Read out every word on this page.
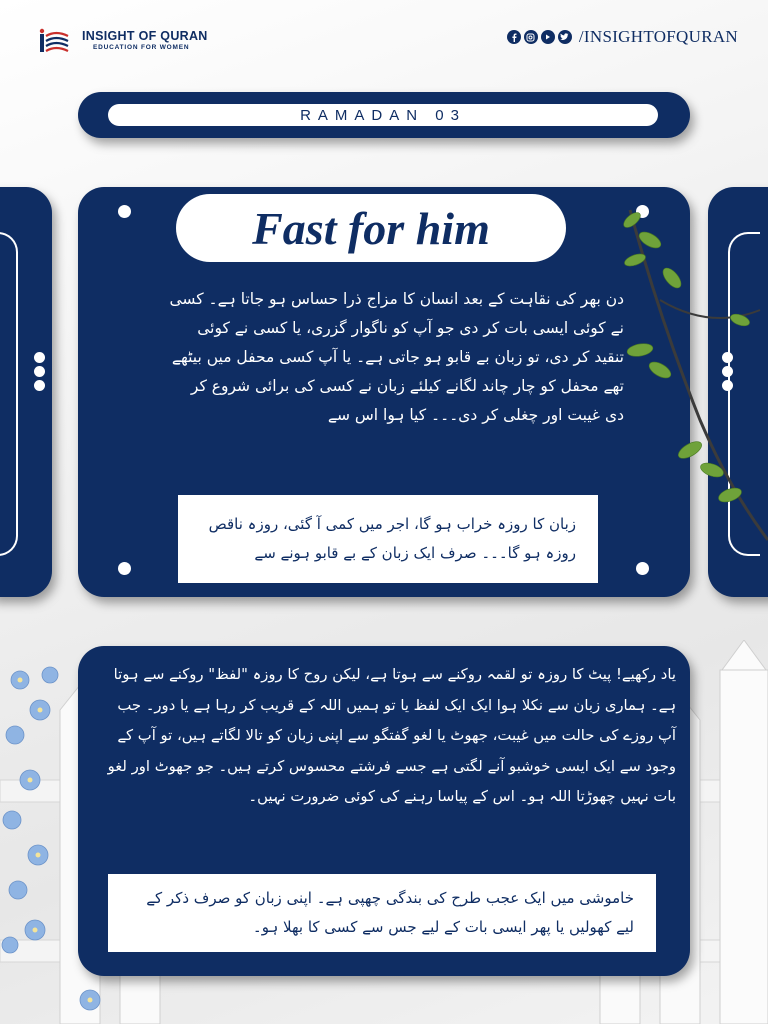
INSIGHT OF QURAN
EDUCATION FOR WOMEN
/INSIGHTOFQURAN
RAMADAN 03
Fast for him
دن بھر کی نقاہت کے بعد انسان کا مزاج ذرا حساس ہو جاتا ہے۔ کسی نے کوئی ایسی بات کر دی جو آپ کو ناگوار گزری، یا کسی نے کوئی تنقید کر دی، تو زبان بے قابو ہو جاتی ہے۔ یا آپ کسی محفل میں بیٹھے تھے محفل کو چار چاند لگانے کیلئے زبان نے کسی کی برائی شروع کر دی غیبت اور چغلی کر دی۔۔۔ کیا ہوا اس سے
زبان کا روزہ خراب ہو گا، اجر میں کمی آ گئی، روزہ ناقص روزہ ہو گا۔۔۔ صرف ایک زبان کے بے قابو ہونے سے
یاد رکھیے! پیٹ کا روزہ تو لقمہ روکنے سے ہوتا ہے، لیکن روح کا روزہ "لفظ" روکنے سے ہوتا ہے۔ ہماری زبان سے نکلا ہوا ایک ایک لفظ یا تو ہمیں اللہ کے قریب کر رہا ہے یا دور۔ جب آپ روزے کی حالت میں غیبت، جھوٹ یا لغو گفتگو سے اپنی زبان کو تالا لگاتے ہیں، تو آپ کے وجود سے ایک ایسی خوشبو آنے لگتی ہے جسے فرشتے محسوس کرتے ہیں۔ جو جھوٹ اور لغو بات نہیں چھوڑتا اللہ ہو۔ اس کے پیاسا رہنے کی کوئی ضرورت نہیں۔
خاموشی میں ایک عجب طرح کی بندگی چھپی ہے۔ اپنی زبان کو صرف ذکر کے لیے کھولیں یا پھر ایسی بات کے لیے جس سے کسی کا بھلا ہو۔
